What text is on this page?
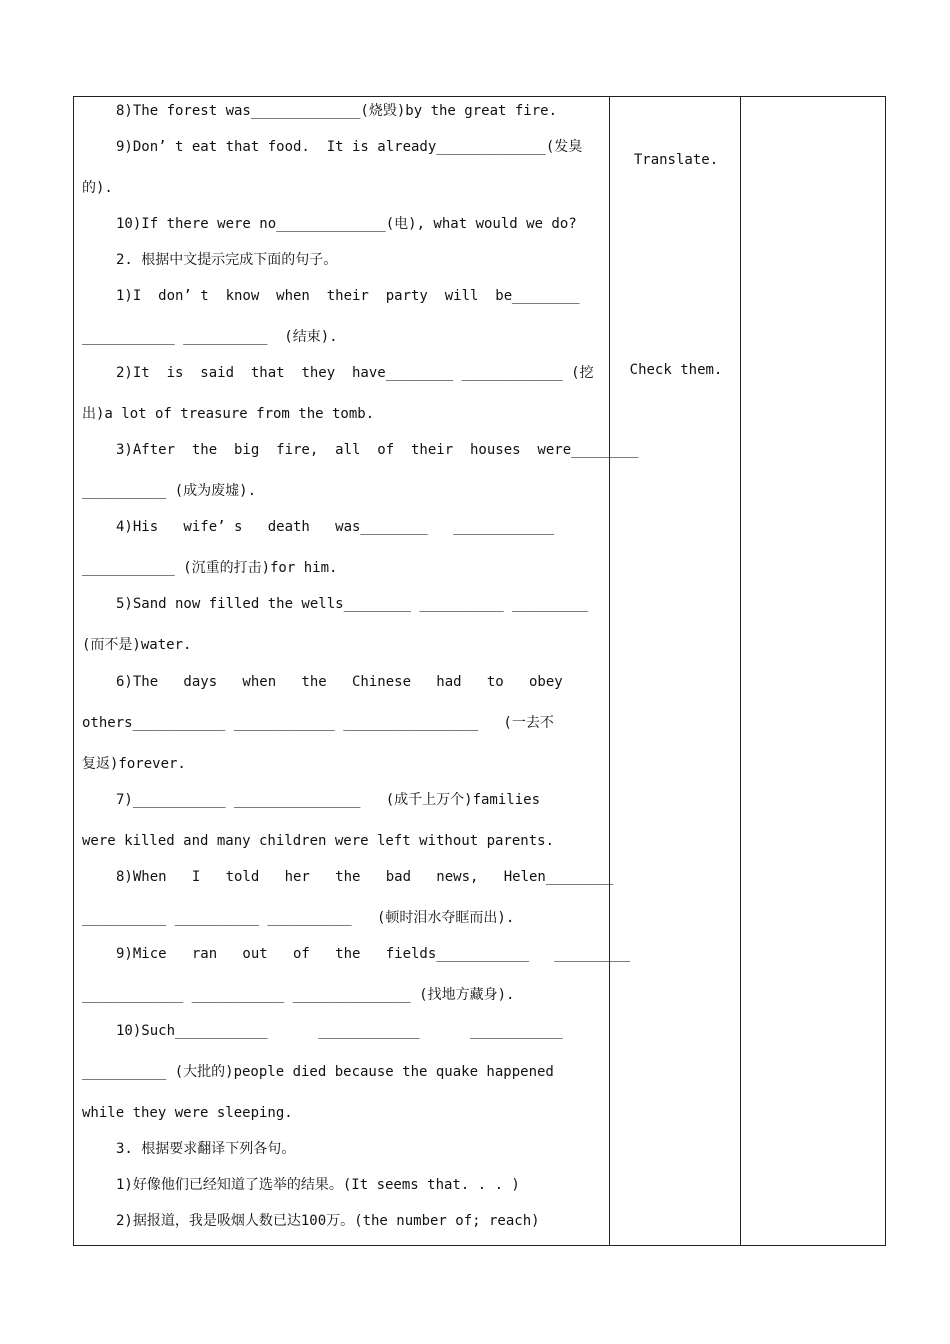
8)The forest was_____________(烧毁)by the great fire.
9)Don’ t eat that food.  It is already_____________(发臭
的).
10)If there were no_____________(电), what would we do?
2. 根据中文提示完成下面的句子。
1)I  don’ t  know  when  their  party  will  be________
___________ __________  (结束).
2)It  is  said  that  they  have________ ____________ (挖
出)a lot of treasure from the tomb.
3)After  the  big  fire,  all  of  their  houses  were________
__________ (成为废墟).
4)His   wife’ s   death   was________   ____________
___________ (沉重的打击)for him.
5)Sand now filled the wells________ __________ _________
(而不是)water.
6)The   days   when   the   Chinese   had   to   obey
others___________ ____________ ________________   (一去不
复返)forever.
7)___________ _______________   (成千上万个)families
were killed and many children were left without parents.
8)When   I   told   her   the   bad   news,   Helen________
__________ __________ __________   (顿时泪水夺眶而出).
9)Mice   ran   out   of   the   fields___________   _________
____________ ___________ ______________ (找地方藏身).
10)Such___________      ____________      ___________
__________ (大批的)people died because the quake happened
while they were sleeping.
3. 根据要求翻译下列各句。
1)好像他们已经知道了选举的结果。(It seems that. . . )
2)据报道，我是吸烟人数已达100万。(the number of; reach)
Translate.
Check them.
